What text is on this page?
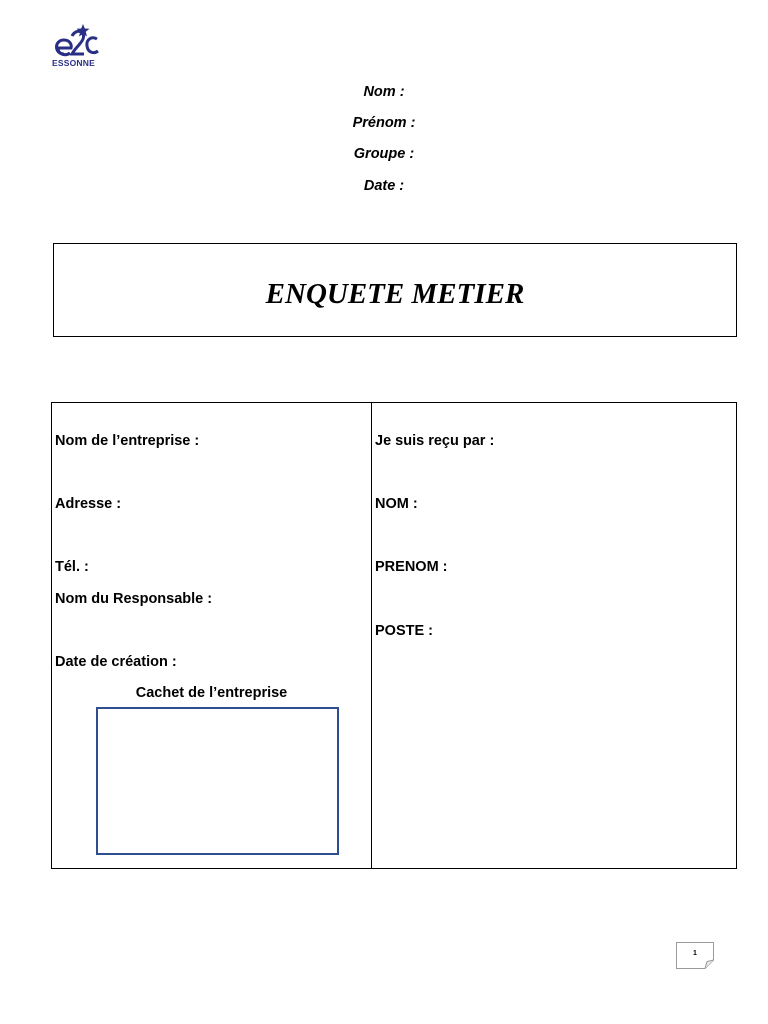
ESSONNE
Nom :
Prénom :
Groupe :
Date :
ENQUETE METIER
Nom de l’entreprise :
Adresse :
Tél. :
Nom du Responsable :
Date de création :
Cachet de l’entreprise
Je suis reçu par :
NOM :
PRENOM :
POSTE :
1
